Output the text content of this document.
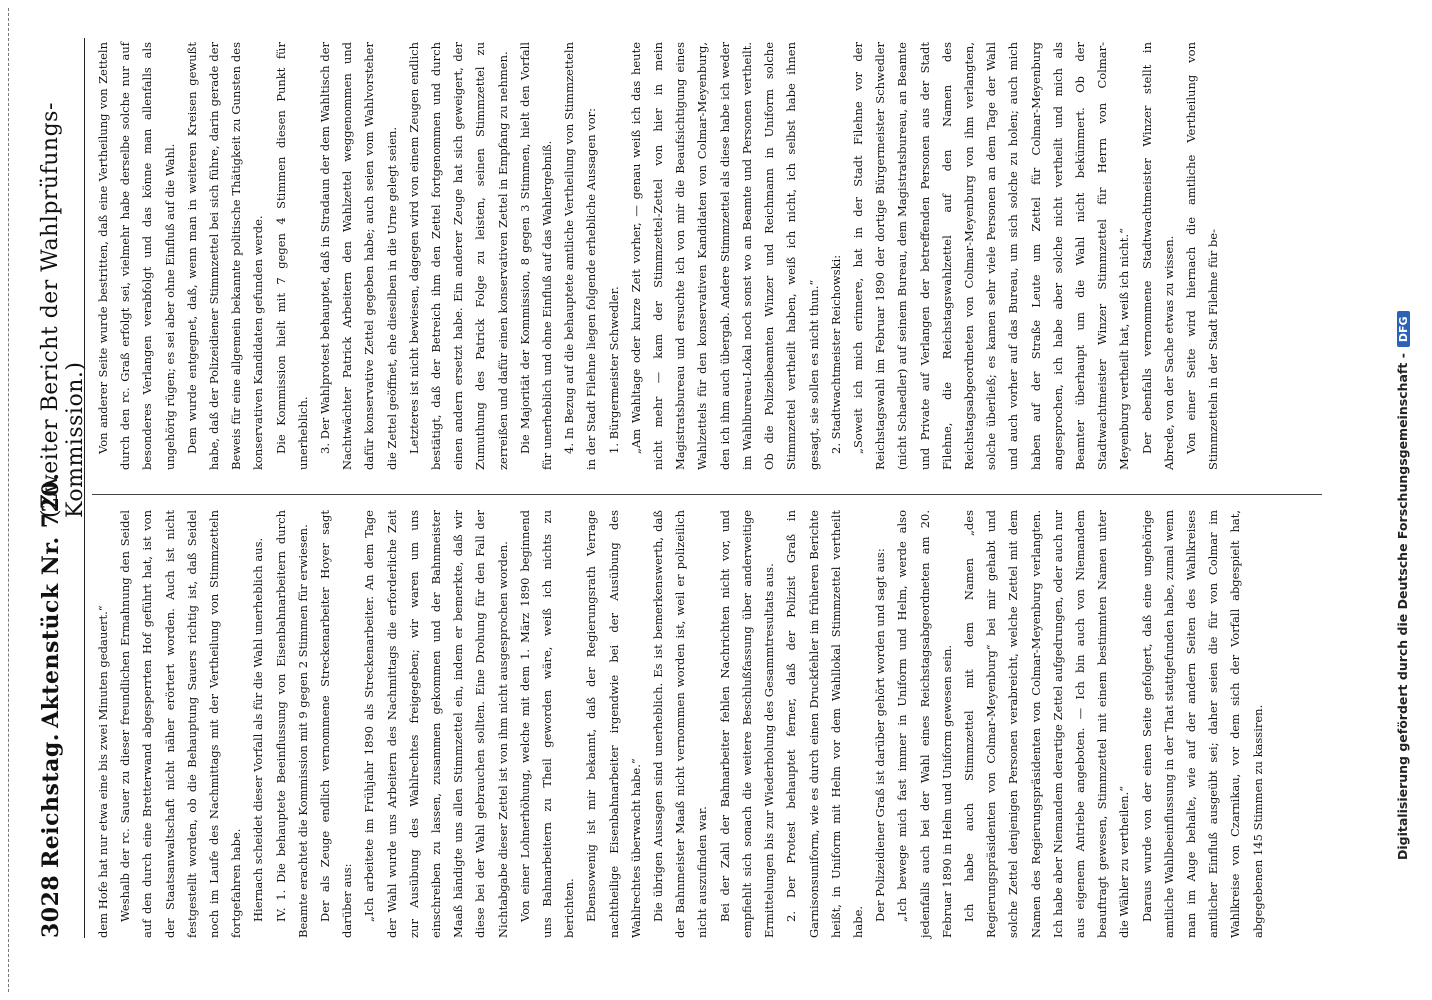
3028
Reichstag.
Aktenstück Nr. 720.
(Zweiter Bericht der Wahlprüfungs-Kommission.)

dem Hofe hat nur etwa eine bis zwei Minuten gedauert.“ Weshalb der rc. Sauer zu dieser freundlichen Ermahnung den Seidel auf den durch eine Bretterwand abgesperrten Hof geführt hat, ist von der Staatsanwaltschaft nicht näher erörtert worden. Auch ist nicht festgestellt worden, ob die Behauptung Sauers richtig ist, daß Seidel noch im Laufe des Nachmittags mit der Vertheilung von Stimmzetteln fortgefahren habe. Hiernach scheidet dieser Vorfall als für die Wahl unerheblich aus. IV. 1. Die behauptete Beeinflussung von Eisenbahnarbeitern durch Beamte erachtet die Kommission mit 9 gegen 2 Stimmen für erwiesen. Der als Zeuge endlich vernommene Streckenarbeiter Hoyer sagt darüber aus: „Ich arbeitete im Frühjahr 1890 als Streckenarbeiter. An dem Tage der Wahl wurde uns Arbeitern des Nachmittags die erforderliche Zeit zur Ausübung des Wahlrechtes freigegeben; wir waren um uns einschreiben zu lassen, zusammen gekommen und der Bahnmeister Maaß händigte uns allen Stimmzettel ein, indem er bemerkte, daß wir diese bei der Wahl gebrauchen sollten. Eine Drohung für den Fall der Nichtabgabe dieser Zettel ist von ihm nicht ausgesprochen worden. Von einer Lohnerhöhung, welche mit dem 1. März 1890 beginnend uns Bahnarbeitern zu Theil geworden wäre, weiß ich nichts zu berichten. Ebensowenig ist mir bekannt, daß der Regierungsrath Verrage nachtheilige Eisenbahnarbeiter irgendwie bei der Ausübung des Wahlrechtes überwacht habe.“ Die übrigen Aussagen sind unerheblich. Es ist bemerkenswerth, daß der Bahnmeister Maaß nicht vernommen worden ist, weil er polizeilich nicht auszufinden war. Bei der Zahl der Bahnarbeiter fehlen Nachrichten nicht vor, und empfiehlt sich sonach die weitere Beschlußfassung über anderweitige Ermittelungen bis zur Wiederholung des Gesammtresultats aus. 2. Der Protest behauptet ferner, daß der Polizist Graß in Garnisonsuniform, wie es durch einen Druckfehler im früheren Berichte heißt, in Uniform mit Helm vor dem Wahllokal Stimmzettel vertheilt habe. Der Polizeidiener Graß ist darüber gehört worden und sagt aus: „Ich bewege mich fast immer in Uniform und Helm, werde also jedenfalls auch bei der Wahl eines Reichstagsabgeordneten am 20. Februar 1890 in Helm und Uniform gewesen sein. Ich habe auch Stimmzettel mit dem Namen „des Regierungspräsidenten von Colmar-Meyenburg“ bei mir gehabt und solche Zettel denjenigen Personen verabreicht, welche Zettel mit dem Namen des Regierungspräsidenten von Colmar-Meyenburg verlangten. Ich habe aber Niemandem derartige Zettel aufgedrungen, oder auch nur aus eigenem Antriebe angeboten. — Ich bin auch von Niemandem beauftragt gewesen, Stimmzettel mit einem bestimmten Namen unter die Wähler zu vertheilen.“ Daraus wurde von der einen Seite gefolgert, daß eine ungehörige amtliche Wahlbeeinflussung in der That stattgefunden habe, zumal wenn man im Auge behalte, wie auf der andern Seiten des Wahlkreises amtlicher Einfluß ausgeübt sei; daher seien die für von Colmar im Wahlkreise von Czarnikau, vor dem sich der Vorfall abgespielt hat, abgegebenen 145 Stimmen zu kassiren.

Von anderer Seite wurde bestritten, daß eine Vertheilung von Zetteln durch den rc. Graß erfolgt sei, vielmehr habe derselbe solche nur auf besonderes Verlangen verabfolgt und das könne man allenfalls als ungehörig rügen; es sei aber ohne Einfluß auf die Wahl. Dem wurde entgegnet, daß, wenn man in weiteren Kreisen gewußt habe, daß der Polizeidiener Stimmzettel bei sich führe, darin gerade der Beweis für eine allgemein bekannte politische Thätigkeit zu Gunsten des konservativen Kandidaten gefunden werde. Die Kommission hielt mit 7 gegen 4 Stimmen diesen Punkt für unerheblich. 3. Der Wahlprotest behauptet, daß in Stradaun der dem Wahltisch der Nachtwächter Patrick Arbeitern den Wahlzettel weggenommen und dafür konservative Zettel gegeben habe; auch seien vom Wahlvorsteher die Zettel geöffnet, ehe dieselben in die Urne gelegt seien. Letzteres ist nicht bewiesen, dagegen wird von einem Zeugen endlich bestätigt, daß der Betreich ihm den Zettel fortgenommen und durch einen andern ersetzt habe. Ein anderer Zeuge hat sich geweigert, der Zumuthung des Patrick Folge zu leisten, seinen Stimmzettel zu zerreißen und dafür einen konservativen Zettel in Empfang zu nehmen. Die Majorität der Kommission, 8 gegen 3 Stimmen, hielt den Vorfall für unerheblich und ohne Einfluß auf das Wahlergebniß. 4. In Bezug auf die behauptete amtliche Vertheilung von Stimmzetteln in der Stadt Filehne liegen folgende erhebliche Aussagen vor: 1. Bürgermeister Schwedler. „Am Wahltage oder kurze Zeit vorher, — genau weiß ich das heute nicht mehr — kam der Stimmzettel-Zettel von hier in mein Magistratsbureau und ersuchte ich von mir die Beaufsichtigung eines Wahlzettels für den konservativen Kandidaten von Colmar-Meyenburg, den ich ihm auch übergab. Andere Stimmzettel als diese habe ich weder im Wahlbureau-Lokal noch sonst wo an Beamte und Personen vertheilt. Ob die Polizeibeamten Winzer und Reichmann in Uniform solche Stimmzettel vertheilt haben, weiß ich nicht, ich selbst habe ihnen gesagt, sie sollen es nicht thun.“ 2. Stadtwachtmeister Reichowski: „Soweit ich mich erinnere, hat in der Stadt Filehne vor der Reichstagswahl im Februar 1890 der dortige Bürgermeister Schwedler (nicht Schaedler) auf seinem Bureau, dem Magistratsbureau, an Beamte und Private auf Verlangen der betreffenden Personen aus der Stadt Filehne, die Reichstagswahlzettel auf den Namen des Reichstagsabgeordneten von Colmar-Meyenburg von ihm verlangten, solche überließ; es kamen sehr viele Personen an dem Tage der Wahl und auch vorher auf das Bureau, um sich solche zu holen; auch mich haben auf der Straße Leute um Zettel für Colmar-Meyenburg angesprochen, ich habe aber solche nicht vertheilt und mich als Beamter überhaupt um die Wahl nicht bekümmert. Ob der Stadtwachtmeister Winzer Stimmzettel für Herrn von Colmar-Meyenburg vertheilt hat, weiß ich nicht.“ Der ebenfalls vernommene Stadtwachtmeister Winzer stellt in Abrede, von der Sache etwas zu wissen. Von einer Seite wird hiernach die amtliche Vertheilung von Stimmzetteln in der Stadt Filehne für be-

Digitalisierung gefördert durch die Deutsche Forschungsgemeinschaft -DFG
